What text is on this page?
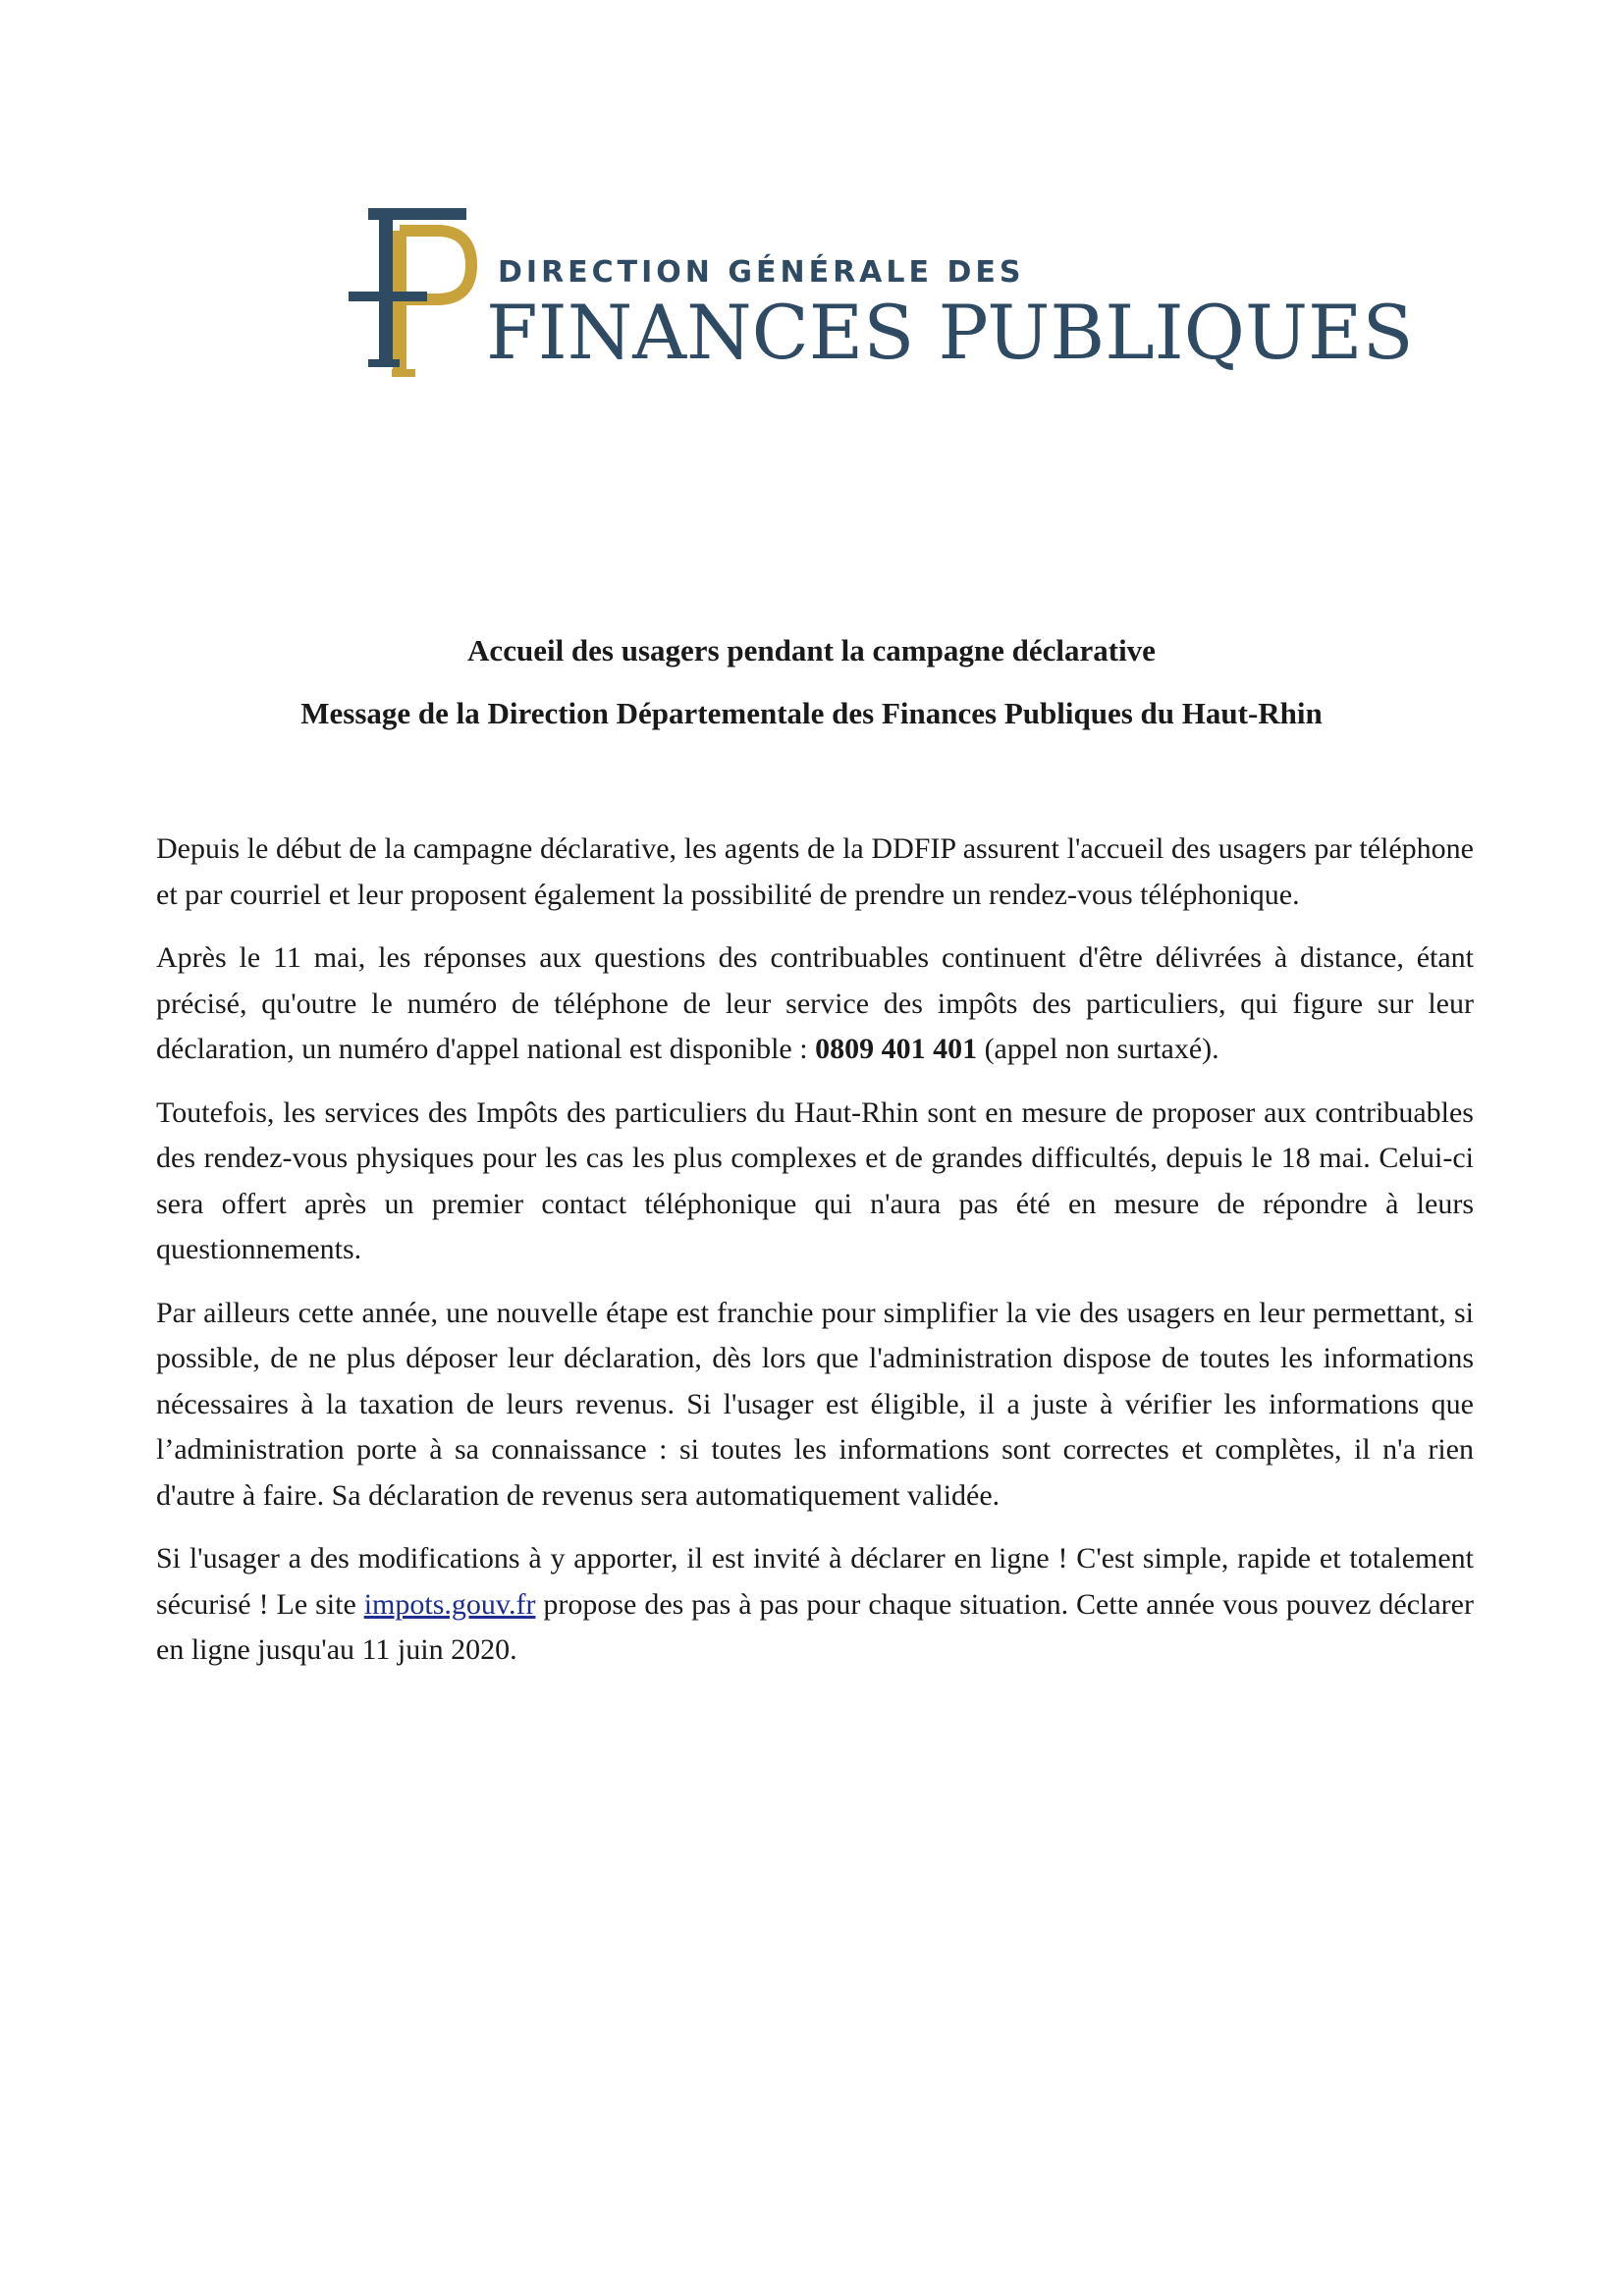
DIRECTION GÉNÉRALE DES
FINANCES PUBLIQUES
Accueil des usagers pendant la campagne déclarative
Message de la Direction Départementale des Finances Publiques du Haut-Rhin

Depuis le début de la campagne déclarative, les agents de la DDFIP assurent l'accueil des usagers par téléphone et par courriel et leur proposent également la possibilité de prendre un rendez-vous téléphonique.

Après le 11 mai, les réponses aux questions des contribuables continuent d'être délivrées à distance, étant précisé, qu'outre le numéro de téléphone de leur service des impôts des particuliers, qui figure sur leur déclaration, un numéro d'appel national est disponible : 0809 401 401 (appel non surtaxé).

Toutefois, les services des Impôts des particuliers du Haut-Rhin sont en mesure de proposer aux contribuables des rendez-vous physiques pour les cas les plus complexes et de grandes difficultés, depuis le 18 mai. Celui-ci sera offert après un premier contact téléphonique qui n'aura pas été en mesure de répondre à leurs questionnements.

Par ailleurs cette année, une nouvelle étape est franchie pour simplifier la vie des usagers en leur permettant, si possible, de ne plus déposer leur déclaration, dès lors que l'administration dispose de toutes les informations nécessaires à la taxation de leurs revenus. Si l'usager est éligible, il a juste à vérifier les informations que l’administration porte à sa connaissance : si toutes les informations sont correctes et complètes, il n'a rien d'autre à faire. Sa déclaration de revenus sera automatiquement validée.

Si l'usager a des modifications à y apporter, il est invité à déclarer en ligne ! C'est simple, rapide et totalement sécurisé ! Le site impots.gouv.fr propose des pas à pas pour chaque situation. Cette année vous pouvez déclarer en ligne jusqu'au 11 juin 2020.
